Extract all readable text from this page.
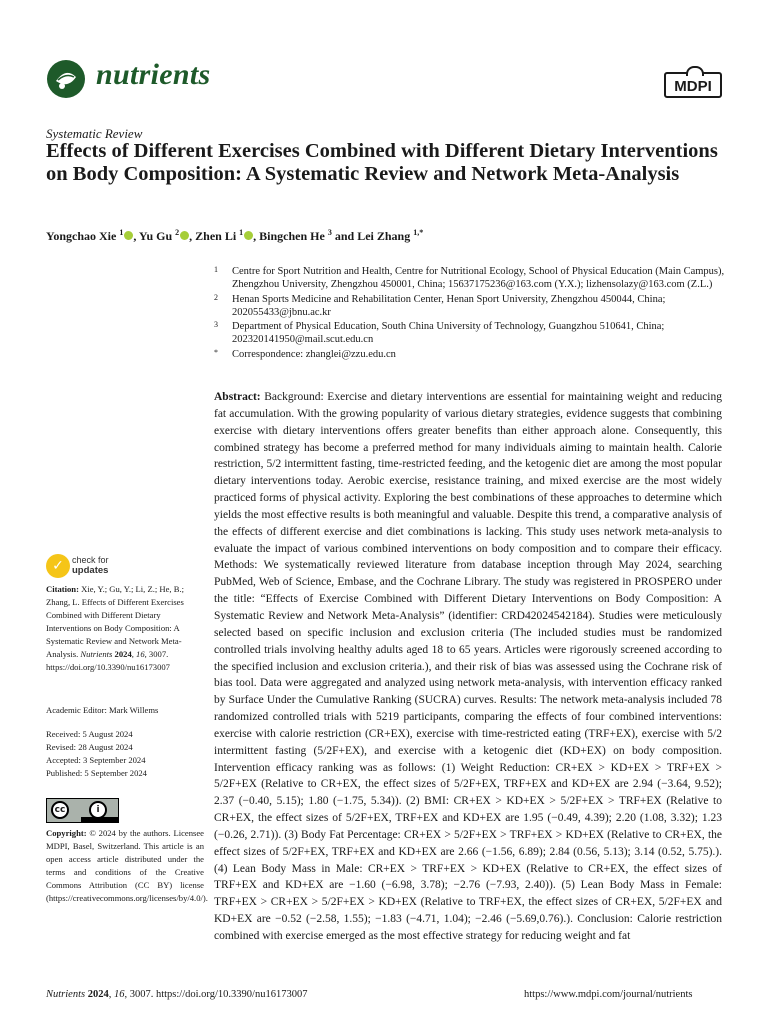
nutrients	MDPI
Systematic Review
Effects of Different Exercises Combined with Different Dietary Interventions on Body Composition: A Systematic Review and Network Meta-Analysis
Yongchao Xie $^1$ , Yu Gu $^2$ , Zhen Li $^1$ , Bingchen He $^3$ and Lei Zhang $^{1,*}$
1 Centre for Sport Nutrition and Health, Centre for Nutritional Ecology, School of Physical Education (Main Campus), Zhengzhou University, Zhengzhou 450001, China; 15637175236@163.com (Y.X.); lizhensolazy@163.com (Z.L.)
2 Henan Sports Medicine and Rehabilitation Center, Henan Sport University, Zhengzhou 450044, China; 202055433@jbnu.ac.kr
3 Department of Physical Education, South China University of Technology, Guangzhou 510641, China; 202320141950@mail.scut.edu.cn
* Correspondence: zhanglei@zzu.edu.cn

Abstract: Background: Exercise and dietary interventions are essential for maintaining weight and reducing fat accumulation. With the growing popularity of various dietary strategies, evidence suggests that combining exercise with dietary interventions offers greater benefits than either approach alone. Consequently, this combined strategy has become a preferred method for many individuals aiming to maintain health. Calorie restriction, 5/2 intermittent fasting, time-restricted feeding, and the ketogenic diet are among the most popular dietary interventions today. Aerobic exercise, resistance training, and mixed exercise are the most widely practiced forms of physical activity. Exploring the best combinations of these approaches to determine which yields the most effective results is both meaningful and valuable. Despite this trend, a comparative analysis of the effects of different exercise and diet combinations is lacking. This study uses network meta-analysis to evaluate the impact of various combined interventions on body composition and to compare their efficacy. Methods: We systematically reviewed literature from database inception through May 2024, searching PubMed, Web of Science, Embase, and the Cochrane Library. The study was registered in PROSPERO under the title: “Effects of Exercise Combined with Different Dietary Interventions on Body Composition: A Systematic Review and Network Meta-Analysis” (identifier: CRD42024542184). Studies were meticulously selected based on specific inclusion and exclusion criteria (The included studies must be randomized controlled trials involving healthy adults aged 18 to 65 years. Articles were rigorously screened according to the specified inclusion and exclusion criteria.), and their risk of bias was assessed using the Cochrane risk of bias tool. Data were aggregated and analyzed using network meta-analysis, with intervention efficacy ranked by Surface Under the Cumulative Ranking (SUCRA) curves. Results: The network meta-analysis included 78 randomized controlled trials with 5219 participants, comparing the effects of four combined interventions: exercise with calorie restriction (CR+EX), exercise with time-restricted eating (TRF+EX), exercise with 5/2 intermittent fasting (5/2F+EX), and exercise with a ketogenic diet (KD+EX) on body composition. Intervention efficacy ranking was as follows: (1) Weight Reduction: CR+EX > KD+EX > TRF+EX > 5/2F+EX (Relative to CR+EX, the effect sizes of 5/2F+EX, TRF+EX and KD+EX are 2.94 (−3.64, 9.52); 2.37 (−0.40, 5.15); 1.80 (−1.75, 5.34)). (2) BMI: CR+EX > KD+EX > 5/2F+EX > TRF+EX (Relative to CR+EX, the effect sizes of 5/2F+EX, TRF+EX and KD+EX are 1.95 (−0.49, 4.39); 2.20 (1.08, 3.32); 1.23 (−0.26, 2.71)). (3) Body Fat Percentage: CR+EX > 5/2F+EX > TRF+EX > KD+EX (Relative to CR+EX, the effect sizes of 5/2F+EX, TRF+EX and KD+EX are 2.66 (−1.56, 6.89); 2.84 (0.56, 5.13); 3.14 (0.52, 5.75).). (4) Lean Body Mass in Male: CR+EX > TRF+EX > KD+EX (Relative to CR+EX, the effect sizes of TRF+EX and KD+EX are −1.60 (−6.98, 3.78); −2.76 (−7.93, 2.40)). (5) Lean Body Mass in Female: TRF+EX > CR+EX > 5/2F+EX > KD+EX (Relative to TRF+EX, the effect sizes of CR+EX, 5/2F+EX and KD+EX are −0.52 (−2.58, 1.55); −1.83 (−4.71, 1.04); −2.46 (−5.69,0.76).). Conclusion: Calorie restriction combined with exercise emerged as the most effective strategy for reducing weight and fat

✓ check for
updates
Citation: Xie, Y.; Gu, Y.; Li, Z.; He, B.; Zhang, L. Effects of Different Exercises Combined with Different Dietary Interventions on Body Composition: A Systematic Review and Network Meta-Analysis. Nutrients 2024, 16, 3007. https://doi.org/10.3390/nu16173007
Academic Editor: Mark Willems
Received: 5 August 2024
Revised: 28 August 2024
Accepted: 3 September 2024
Published: 5 September 2024
cc	i
Copyright: © 2024 by the authors. Licensee MDPI, Basel, Switzerland. This article is an open access article distributed under the terms and conditions of the Creative Commons Attribution (CC BY) license (https://creativecommons.org/licenses/by/4.0/).
Nutrients 2024, 16, 3007. https://doi.org/10.3390/nu16173007	https://www.mdpi.com/journal/nutrients
